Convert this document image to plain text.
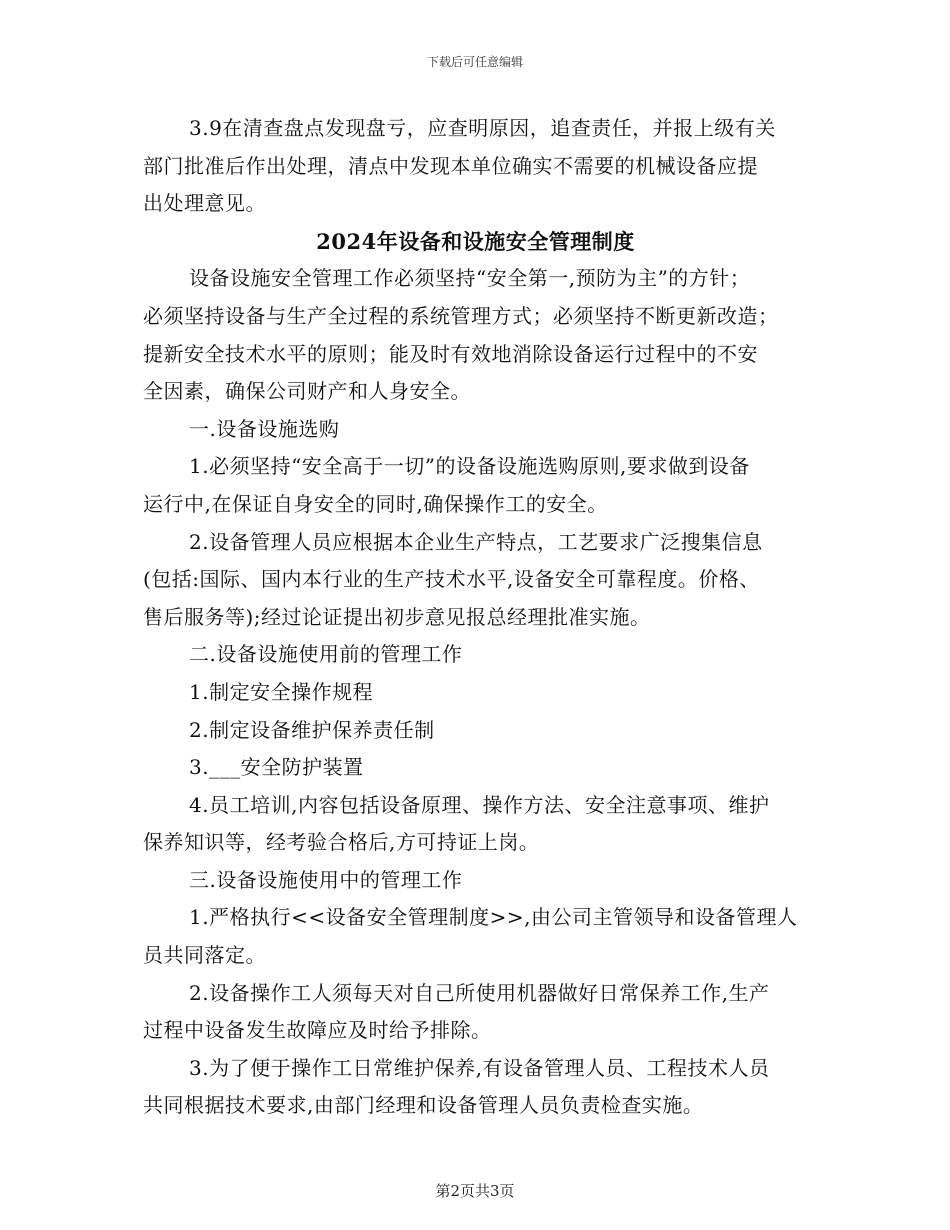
下载后可任意编辑
3.9在清查盘点发现盘亏，应查明原因，追查责任，并报上级有关
部门批准后作出处理，清点中发现本单位确实不需要的机械设备应提
出处理意见。
2024年设备和设施安全管理制度
设备设施安全管理工作必须坚持“安全第一,预防为主”的方针；
必须坚持设备与生产全过程的系统管理方式；必须坚持不断更新改造；
提新安全技术水平的原则；能及时有效地消除设备运行过程中的不安
全因素，确保公司财产和人身安全。
一.设备设施选购
1.必须坚持“安全高于一切”的设备设施选购原则,要求做到设备
运行中,在保证自身安全的同时,确保操作工的安全。
2.设备管理人员应根据本企业生产特点，工艺要求广泛搜集信息
(包括:国际、国内本行业的生产技术水平,设备安全可靠程度。价格、
售后服务等);经过论证提出初步意见报总经理批准实施。
二.设备设施使用前的管理工作
1.制定安全操作规程
2.制定设备维护保养责任制
3.___安全防护装置
4.员工培训,内容包括设备原理、操作方法、安全注意事项、维护
保养知识等，经考验合格后,方可持证上岗。
三.设备设施使用中的管理工作
1.严格执行<<设备安全管理制度>>,由公司主管领导和设备管理人
员共同落定。
2.设备操作工人须每天对自己所使用机器做好日常保养工作,生产
过程中设备发生故障应及时给予排除。
3.为了便于操作工日常维护保养,有设备管理人员、工程技术人员
共同根据技术要求,由部门经理和设备管理人员负责检查实施。
第2页共3页
